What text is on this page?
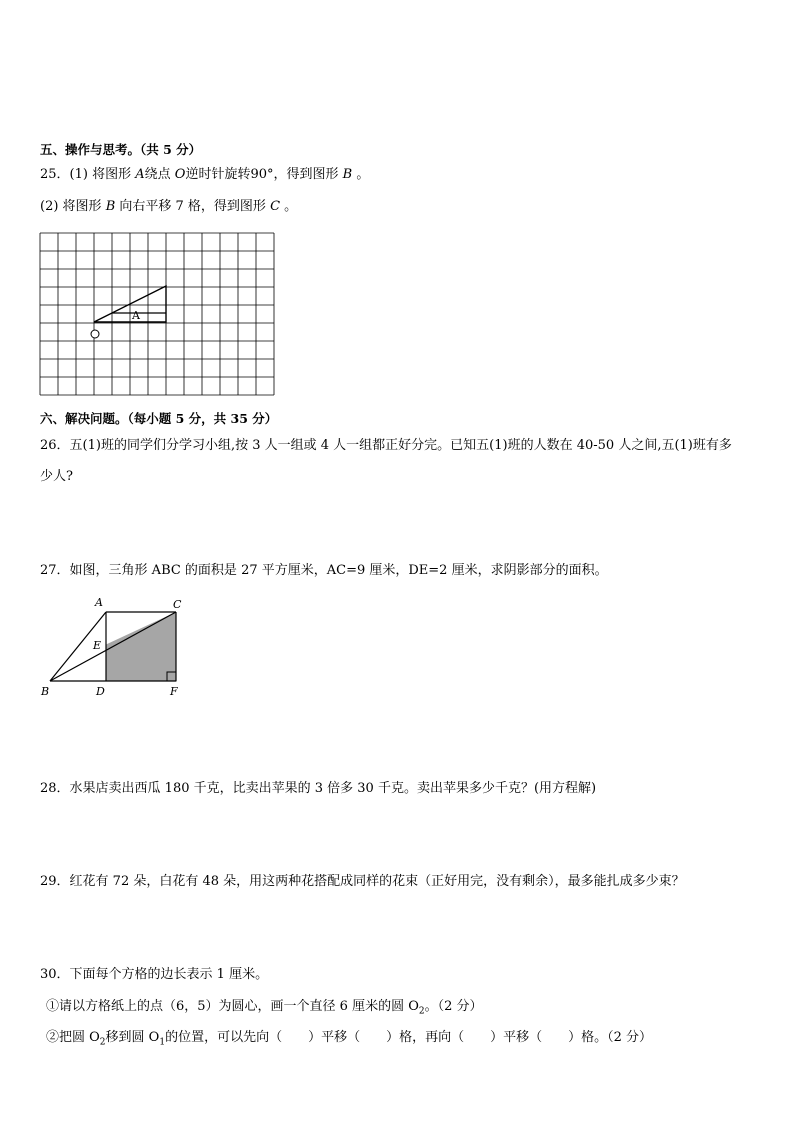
五、操作与思考。（共 5 分）
25．(1) 将图形 A绕点 O逆时针旋转90°，得到图形 B 。
(2) 将图形 B 向右平移 7 格，得到图形 C 。
A
六、解决问题。（每小题 5 分，共 35 分）
26．五(1)班的同学们分学习小组,按 3 人一组或 4 人一组都正好分完。已知五(1)班的人数在 40-50 人之间,五(1)班有多
少人?
27．如图，三角形 ABC 的面积是 27 平方厘米，AC=9 厘米，DE=2 厘米，求阴影部分的面积。
A	C
E
B	D	F
28．水果店卖出西瓜 180 千克，比卖出苹果的 3 倍多 30 千克。卖出苹果多少千克？(用方程解)
29．红花有 72 朵，白花有 48 朵，用这两种花搭配成同样的花束（正好用完，没有剩余），最多能扎成多少束？
30．下面每个方格的边长表示 1 厘米。
①请以方格纸上的点（6，5）为圆心，画一个直径 6 厘米的圆 $O_2$。（2 分）
②把圆 $O_2$移到圆 $O_1$的位置，可以先向（　　）平移（　　）格，再向（　　）平移（　　）格。（2 分）
